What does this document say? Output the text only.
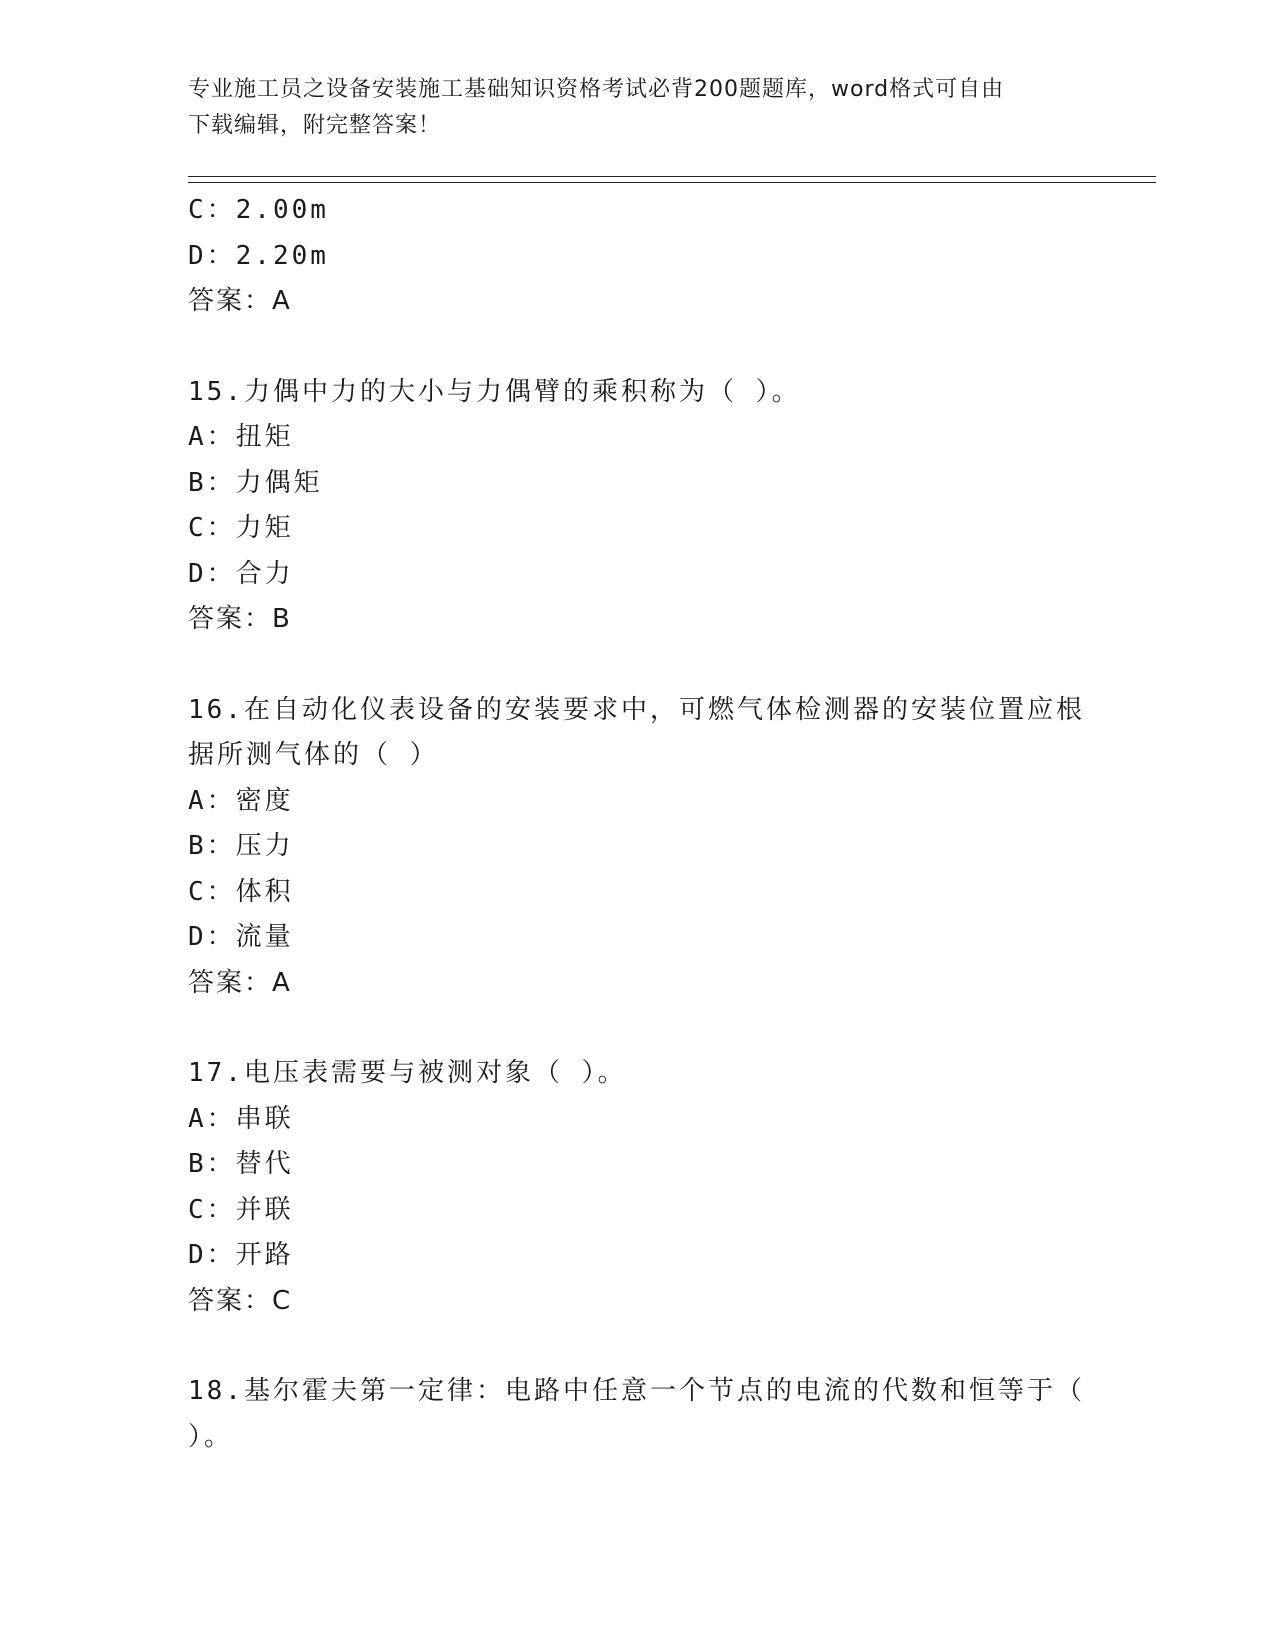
专业施工员之设备安装施工基础知识资格考试必背200题题库，word格式可自由
下载编辑，附完整答案！
C：2.00m
D：2.20m
答案：A
15.力偶中力的大小与力偶臂的乘积称为（ ）。
A：扭矩
B：力偶矩
C：力矩
D：合力
答案：B
16.在自动化仪表设备的安装要求中，可燃气体检测器的安装位置应根
据所测气体的（ ）
A：密度
B：压力
C：体积
D：流量
答案：A
17.电压表需要与被测对象（ ）。
A：串联
B：替代
C：并联
D：开路
答案：C
18.基尔霍夫第一定律：电路中任意一个节点的电流的代数和恒等于（
）。
